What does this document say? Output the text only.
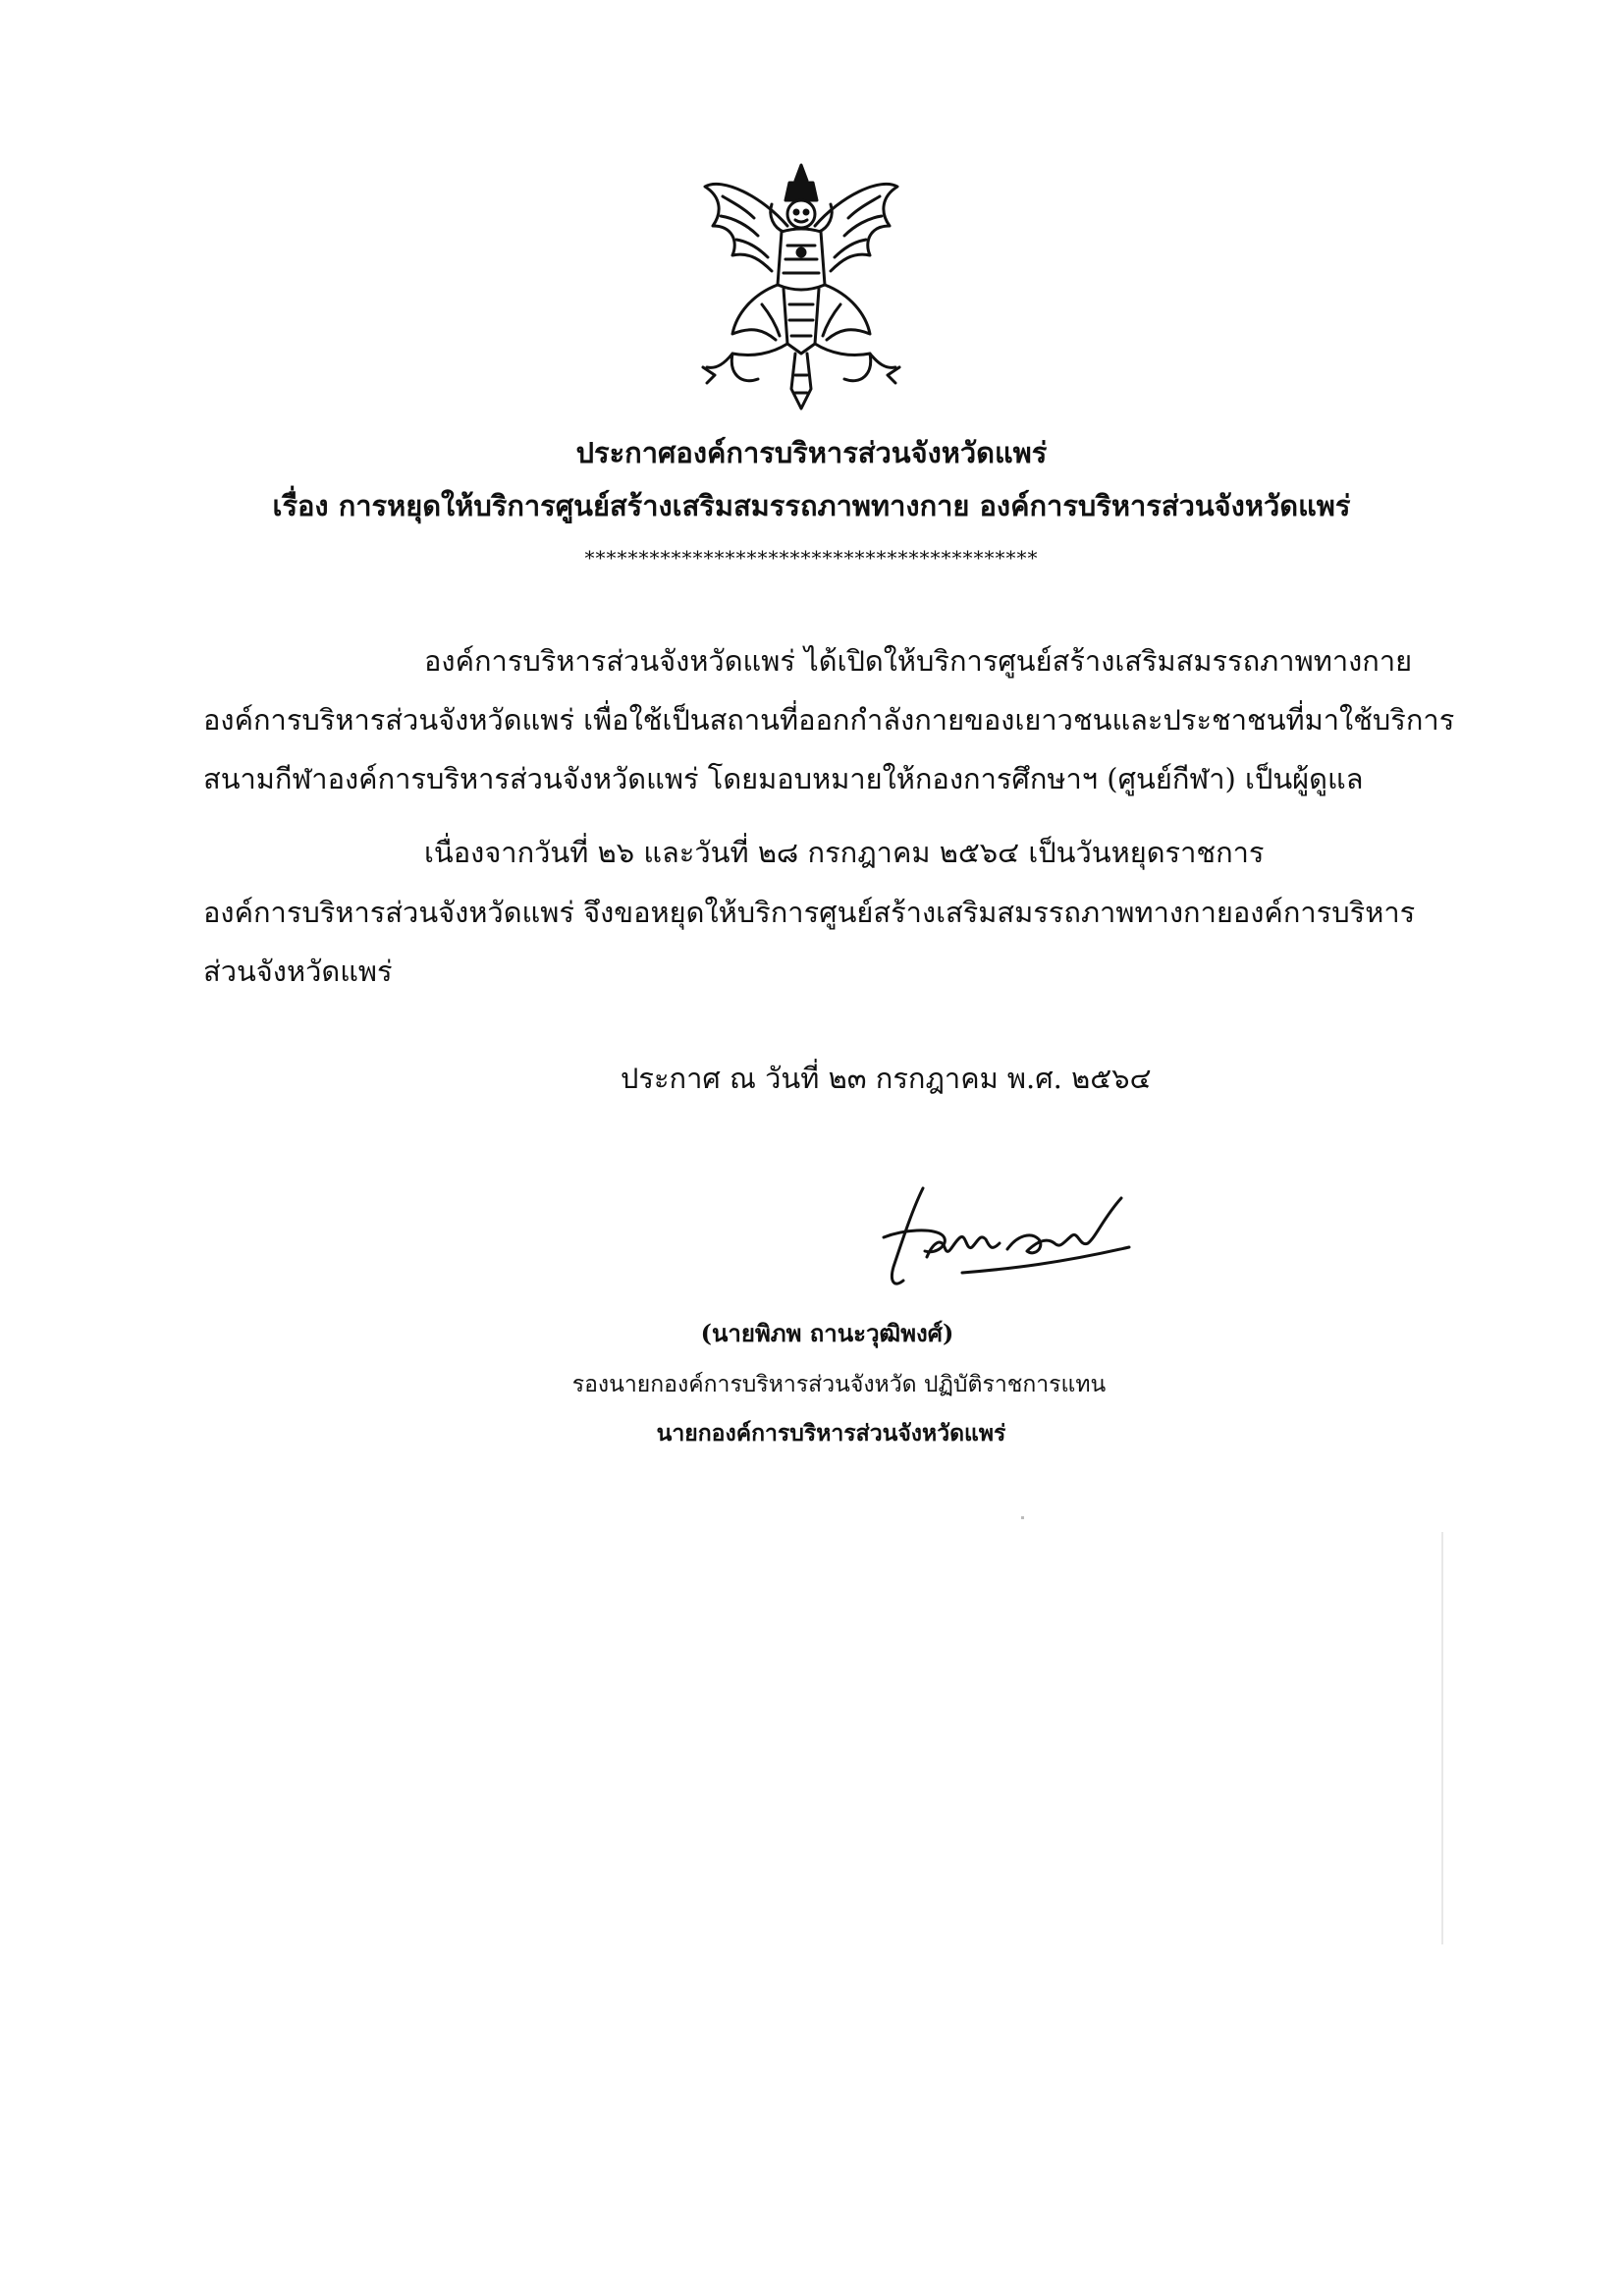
ประกาศองค์การบริหารส่วนจังหวัดแพร่
เรื่อง การหยุดให้บริการศูนย์สร้างเสริมสมรรถภาพทางกาย องค์การบริหารส่วนจังหวัดแพร่
******************************************
องค์การบริหารส่วนจังหวัดแพร่ ได้เปิดให้บริการศูนย์สร้างเสริมสมรรถภาพทางกาย
องค์การบริหารส่วนจังหวัดแพร่ เพื่อใช้เป็นสถานที่ออกกำลังกายของเยาวชนและประชาชนที่มาใช้บริการ
สนามกีฬาองค์การบริหารส่วนจังหวัดแพร่ โดยมอบหมายให้กองการศึกษาฯ (ศูนย์กีฬา) เป็นผู้ดูแล
เนื่องจากวันที่ ๒๖ และวันที่ ๒๘ กรกฎาคม ๒๕๖๔ เป็นวันหยุดราชการ
องค์การบริหารส่วนจังหวัดแพร่ จึงขอหยุดให้บริการศูนย์สร้างเสริมสมรรถภาพทางกายองค์การบริหาร
ส่วนจังหวัดแพร่
ประกาศ ณ วันที่ ๒๓ กรกฎาคม พ.ศ. ๒๕๖๔
(นายพิภพ ถานะวุฒิพงศ์)
รองนายกองค์การบริหารส่วนจังหวัด ปฏิบัติราชการแทน
นายกองค์การบริหารส่วนจังหวัดแพร่
